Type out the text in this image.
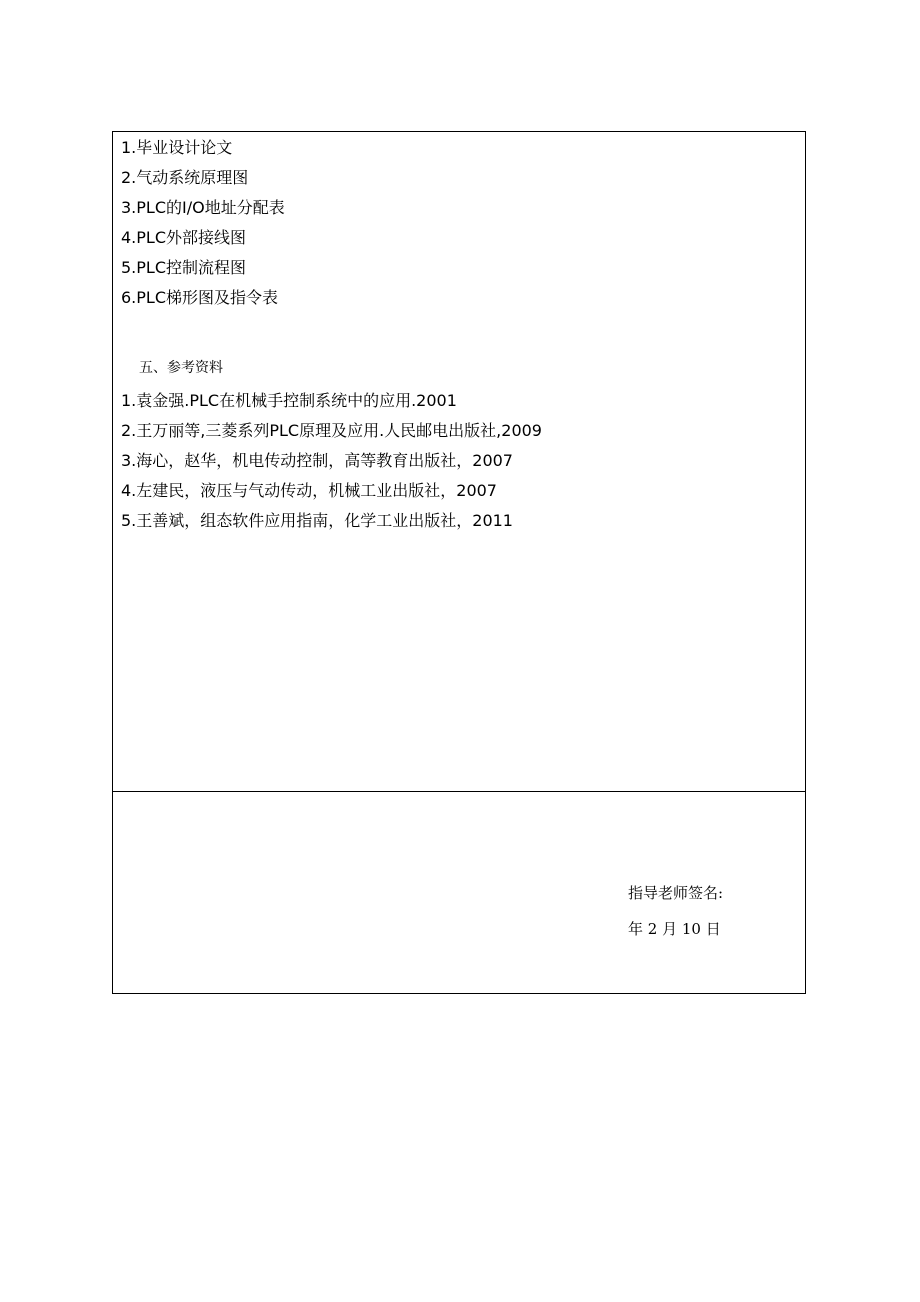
1.毕业设计论文
2.气动系统原理图
3.PLC的I/O地址分配表
4.PLC外部接线图
5.PLC控制流程图
6.PLC梯形图及指令表
五、参考资料
1.袁金强.PLC在机械手控制系统中的应用.2001
2.王万丽等,三菱系列PLC原理及应用.人民邮电出版社,2009
3.海心，赵华，机电传动控制，高等教育出版社，2007
4.左建民，液压与气动传动，机械工业出版社，2007
5.王善斌，组态软件应用指南，化学工业出版社，2011
指导老师签名:
年 2 月 10 日
